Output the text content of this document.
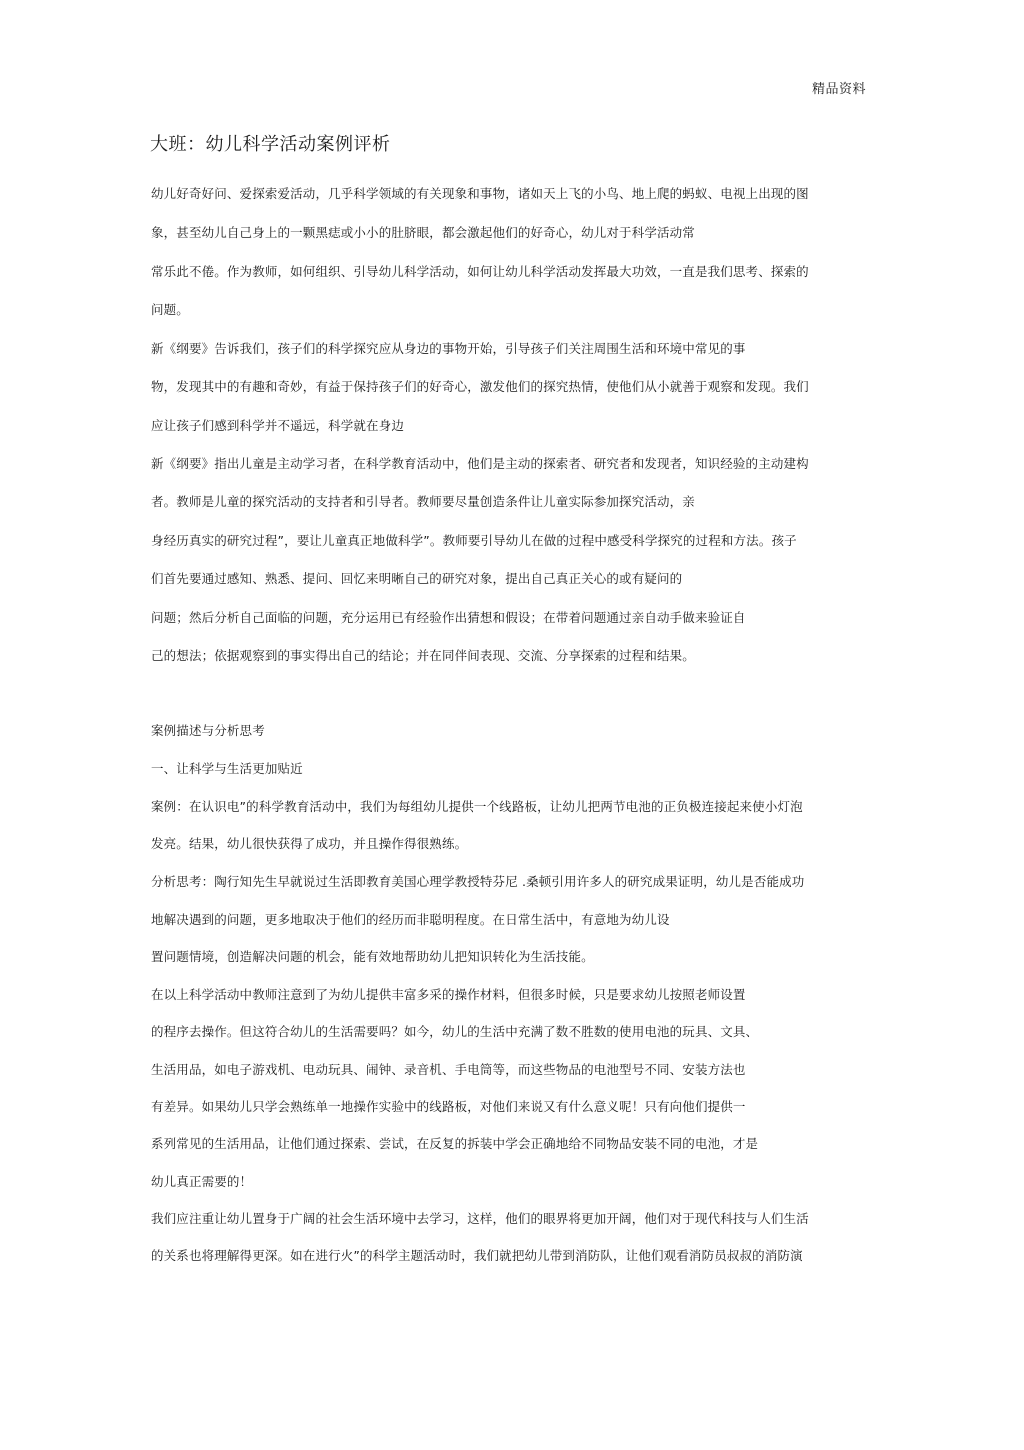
精品资料
大班：幼儿科学活动案例评析
幼儿好奇好问、爱探索爱活动，几乎科学领域的有关现象和事物，诸如天上飞的小鸟、地上爬的蚂蚁、电视上出现的图
象，甚至幼儿自己身上的一颗黑痣或小小的肚脐眼，都会激起他们的好奇心，幼儿对于科学活动常
常乐此不倦。作为教师，如何组织、引导幼儿科学活动，如何让幼儿科学活动发挥最大功效，一直是我们思考、探索的
问题。
新《纲要》告诉我们，孩子们的科学探究应从身边的事物开始，引导孩子们关注周围生活和环境中常见的事
物，发现其中的有趣和奇妙，有益于保持孩子们的好奇心，激发他们的探究热情，使他们从小就善于观察和发现。我们
应让孩子们感到科学并不遥远，科学就在身边
新《纲要》指出儿童是主动学习者，在科学教育活动中，他们是主动的探索者、研究者和发现者，知识经验的主动建构
者。教师是儿童的探究活动的支持者和引导者。教师要尽量创造条件让儿童实际参加探究活动，亲
身经历真实的研究过程”，要让儿童真正地做科学”。教师要引导幼儿在做的过程中感受科学探究的过程和方法。孩子
们首先要通过感知、熟悉、提问、回忆来明晰自己的研究对象，提出自己真正关心的或有疑问的
问题；然后分析自己面临的问题，充分运用已有经验作出猜想和假设；在带着问题通过亲自动手做来验证自
己的想法；依据观察到的事实得出自己的结论；并在同伴间表现、交流、分享探索的过程和结果。
案例描述与分析思考
一、让科学与生活更加贴近
案例：在认识电”的科学教育活动中，我们为每组幼儿提供一个线路板，让幼儿把两节电池的正负极连接起来使小灯泡
发亮。结果，幼儿很快获得了成功，并且操作得很熟练。
分析思考：陶行知先生早就说过生活即教育美国心理学教授特芬尼 .桑顿引用许多人的研究成果证明，幼儿是否能成功
地解决遇到的问题，更多地取决于他们的经历而非聪明程度。在日常生活中，有意地为幼儿设
置问题情境，创造解决问题的机会，能有效地帮助幼儿把知识转化为生活技能。
在以上科学活动中教师注意到了为幼儿提供丰富多采的操作材料，但很多时候，只是要求幼儿按照老师设置
的程序去操作。但这符合幼儿的生活需要吗？如今，幼儿的生活中充满了数不胜数的使用电池的玩具、文具、
生活用品，如电子游戏机、电动玩具、闹钟、录音机、手电筒等，而这些物品的电池型号不同、安装方法也
有差异。如果幼儿只学会熟练单一地操作实验中的线路板，对他们来说又有什么意义呢！只有向他们提供一
系列常见的生活用品，让他们通过探索、尝试，在反复的拆装中学会正确地给不同物品安装不同的电池，才是
幼儿真正需要的！
我们应注重让幼儿置身于广阔的社会生活环境中去学习，这样，他们的眼界将更加开阔，他们对于现代科技与人们生活
的关系也将理解得更深。如在进行火”的科学主题活动时，我们就把幼儿带到消防队，让他们观看消防员叔叔的消防演
